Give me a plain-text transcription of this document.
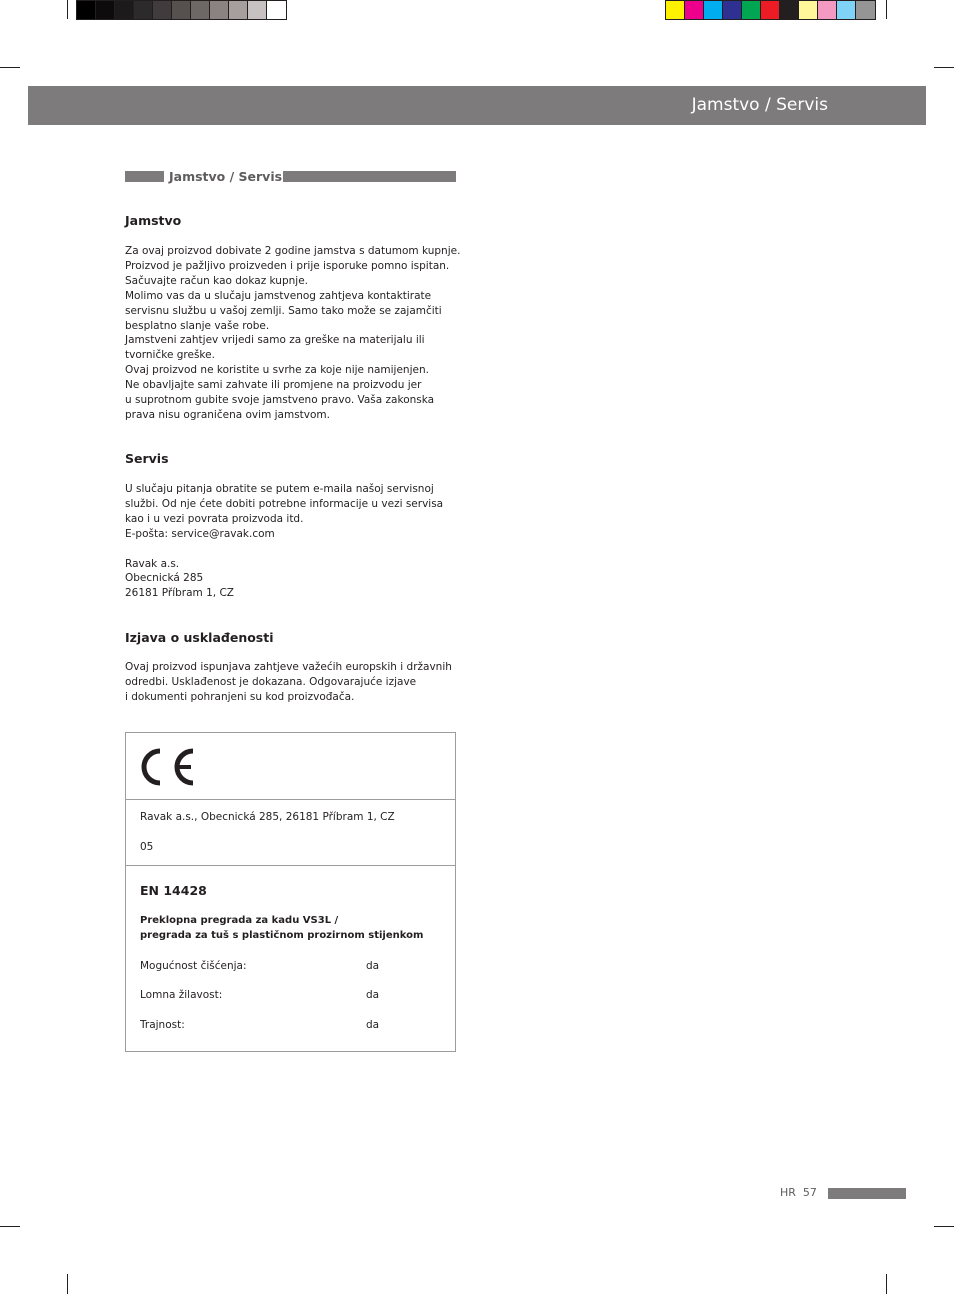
Jamstvo / Servis
Jamstvo / Servis
Jamstvo
Za ovaj proizvod dobivate 2 godine jamstva s datumom kupnje.
Proizvod je pažljivo proizveden i prije isporuke pomno ispitan.
Sačuvajte račun kao dokaz kupnje.
Molimo vas da u slučaju jamstvenog zahtjeva kontaktirate
servisnu službu u vašoj zemlji. Samo tako može se zajamčiti
besplatno slanje vaše robe.
Jamstveni zahtjev vrijedi samo za greške na materijalu ili
tvorničke greške.
Ovaj proizvod ne koristite u svrhe za koje nije namijenjen.
Ne obavljajte sami zahvate ili promjene na proizvodu jer
u suprotnom gubite svoje jamstveno pravo. Vaša zakonska
prava nisu ograničena ovim jamstvom.
Servis
U slučaju pitanja obratite se putem e-maila našoj servisnoj
službi. Od nje ćete dobiti potrebne informacije u vezi servisa
kao i u vezi povrata proizvoda itd.
E-pošta: service@ravak.com
Ravak a.s.
Obecnická 285
26181 Příbram 1, CZ
Izjava o usklađenosti
Ovaj proizvod ispunjava zahtjeve važećih europskih i državnih
odredbi. Usklađenost je dokazana. Odgovarajuće izjave
i dokumenti pohranjeni su kod proizvođača.
Ravak a.s., Obecnická 285, 26181 Příbram 1, CZ
05
EN 14428
Preklopna pregrada za kadu VS3L /
pregrada za tuš s plastičnom prozirnom stijenkom
Mogućnost čišćenja:	da
Lomna žilavost:	da
Trajnost:	da
HR 57
